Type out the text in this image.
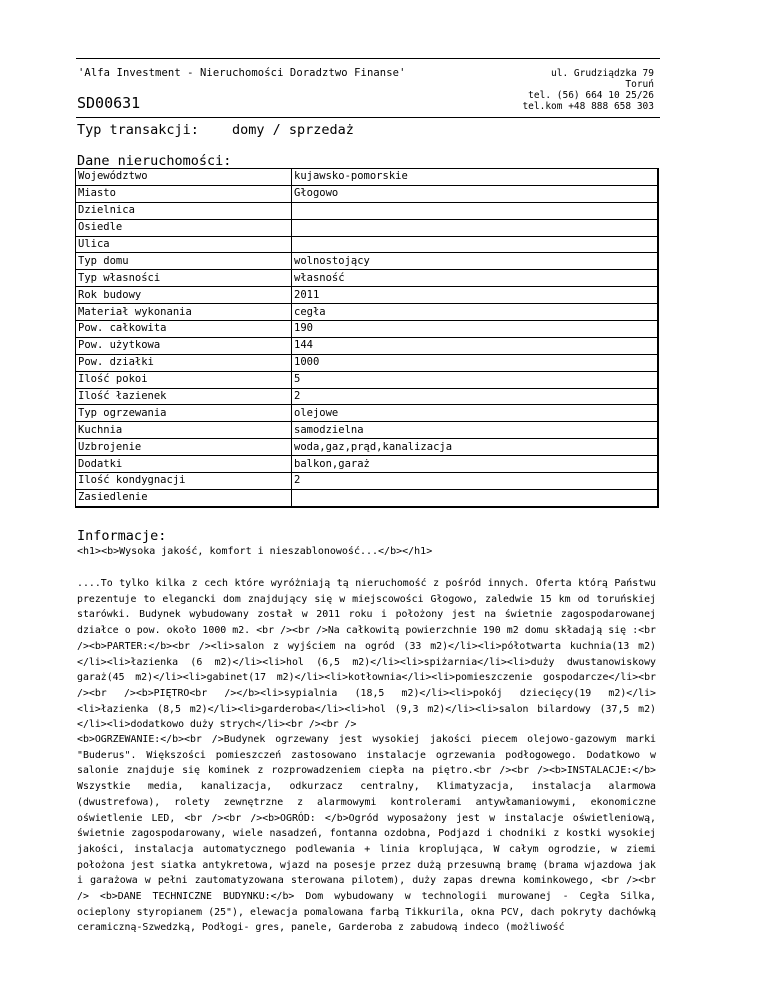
'Alfa Investment - Nieruchomości Doradztwo Finanse'	ul. Grudziądzka 79
Toruń
tel. (56) 664 10 25/26
tel.kom +48 888 658 303
SD00631
Typ transakcji: domy / sprzedaż
Dane nieruchomości:
Województwo	kujawsko-pomorskie
Miasto	Głogowo
Dzielnica	
Osiedle	
Ulica	
Typ domu	wolnostojący
Typ własności	własność
Rok budowy	2011
Materiał wykonania	cegła
Pow. całkowita	190
Pow. użytkowa	144
Pow. działki	1000
Ilość pokoi	5
Ilość łazienek	2
Typ ogrzewania	olejowe
Kuchnia	samodzielna
Uzbrojenie	woda,gaz,prąd,kanalizacja
Dodatki	balkon,garaż
Ilość kondygnacji	2
Zasiedlenie	
Informacje:
<h1><b>Wysoka jakość, komfort i nieszablonowość...</b></h1>
....To tylko kilka z cech które wyróżniają tą nieruchomość z pośród innych. Oferta którą Państwu prezentuje to elegancki dom znajdujący się w miejscowości Głogowo, zaledwie 15 km od toruńskiej starówki. Budynek wybudowany został w 2011 roku i położony jest na świetnie zagospodarowanej działce o pow. około 1000 m2. <br /><br />Na całkowitą powierzchnie 190 m2 domu składają się :<br /><b>PARTER:</b><br /><li>salon z wyjściem na ogród (33 m2)</li><li>półotwarta kuchnia(13 m2)</li><li>łazienka (6 m2)</li><li>hol (6,5 m2)</li><li>spiżarnia</li><li>duży dwustanowiskowy garaż(45 m2)</li><li>gabinet(17 m2)</li><li>kotłownia</li><li>pomieszczenie gospodarcze</li><br /><br /><b>PIĘTRO<br /></b><li>sypialnia (18,5 m2)</li><li>pokój dziecięcy(19 m2)</li><li>łazienka (8,5 m2)</li><li>garderoba</li><li>hol (9,3 m2)</li><li>salon bilardowy (37,5 m2)</li><li>dodatkowo duży strych</li><br /><br />
<b>OGRZEWANIE:</b><br />Budynek ogrzewany jest wysokiej jakości piecem olejowo-gazowym marki "Buderus". Większości pomieszczeń zastosowano instalacje ogrzewania podłogowego. Dodatkowo w salonie znajduje się kominek z rozprowadzeniem ciepła na piętro.<br /><br /><b>INSTALACJE:</b> Wszystkie media, kanalizacja, odkurzacz centralny, Klimatyzacja, instalacja alarmowa (dwustrefowa), rolety zewnętrzne z alarmowymi kontrolerami antywłamaniowymi, ekonomiczne oświetlenie LED, <br /><br /><b>OGRÓD: </b>Ogród wyposażony jest w instalacje oświetleniową, świetnie zagospodarowany, wiele nasadzeń, fontanna ozdobna, Podjazd i chodniki z kostki wysokiej jakości, instalacja automatycznego podlewania + linia kroplująca, W całym ogrodzie, w ziemi położona jest siatka antykretowa, wjazd na posesje przez dużą przesuwną bramę (brama wjazdowa jak i garażowa w pełni zautomatyzowana sterowana pilotem), duży zapas drewna kominkowego, <br /><br /> <b>DANE TECHNICZNE BUDYNKU:</b> Dom wybudowany w technologii murowanej - Cegła Silka, ocieplony styropianem (25"), elewacja pomalowana farbą Tikkurila, okna PCV, dach pokryty dachówką ceramiczną-Szwedzką, Podłogi- gres, panele, Garderoba z zabudową indeco (możliwość
